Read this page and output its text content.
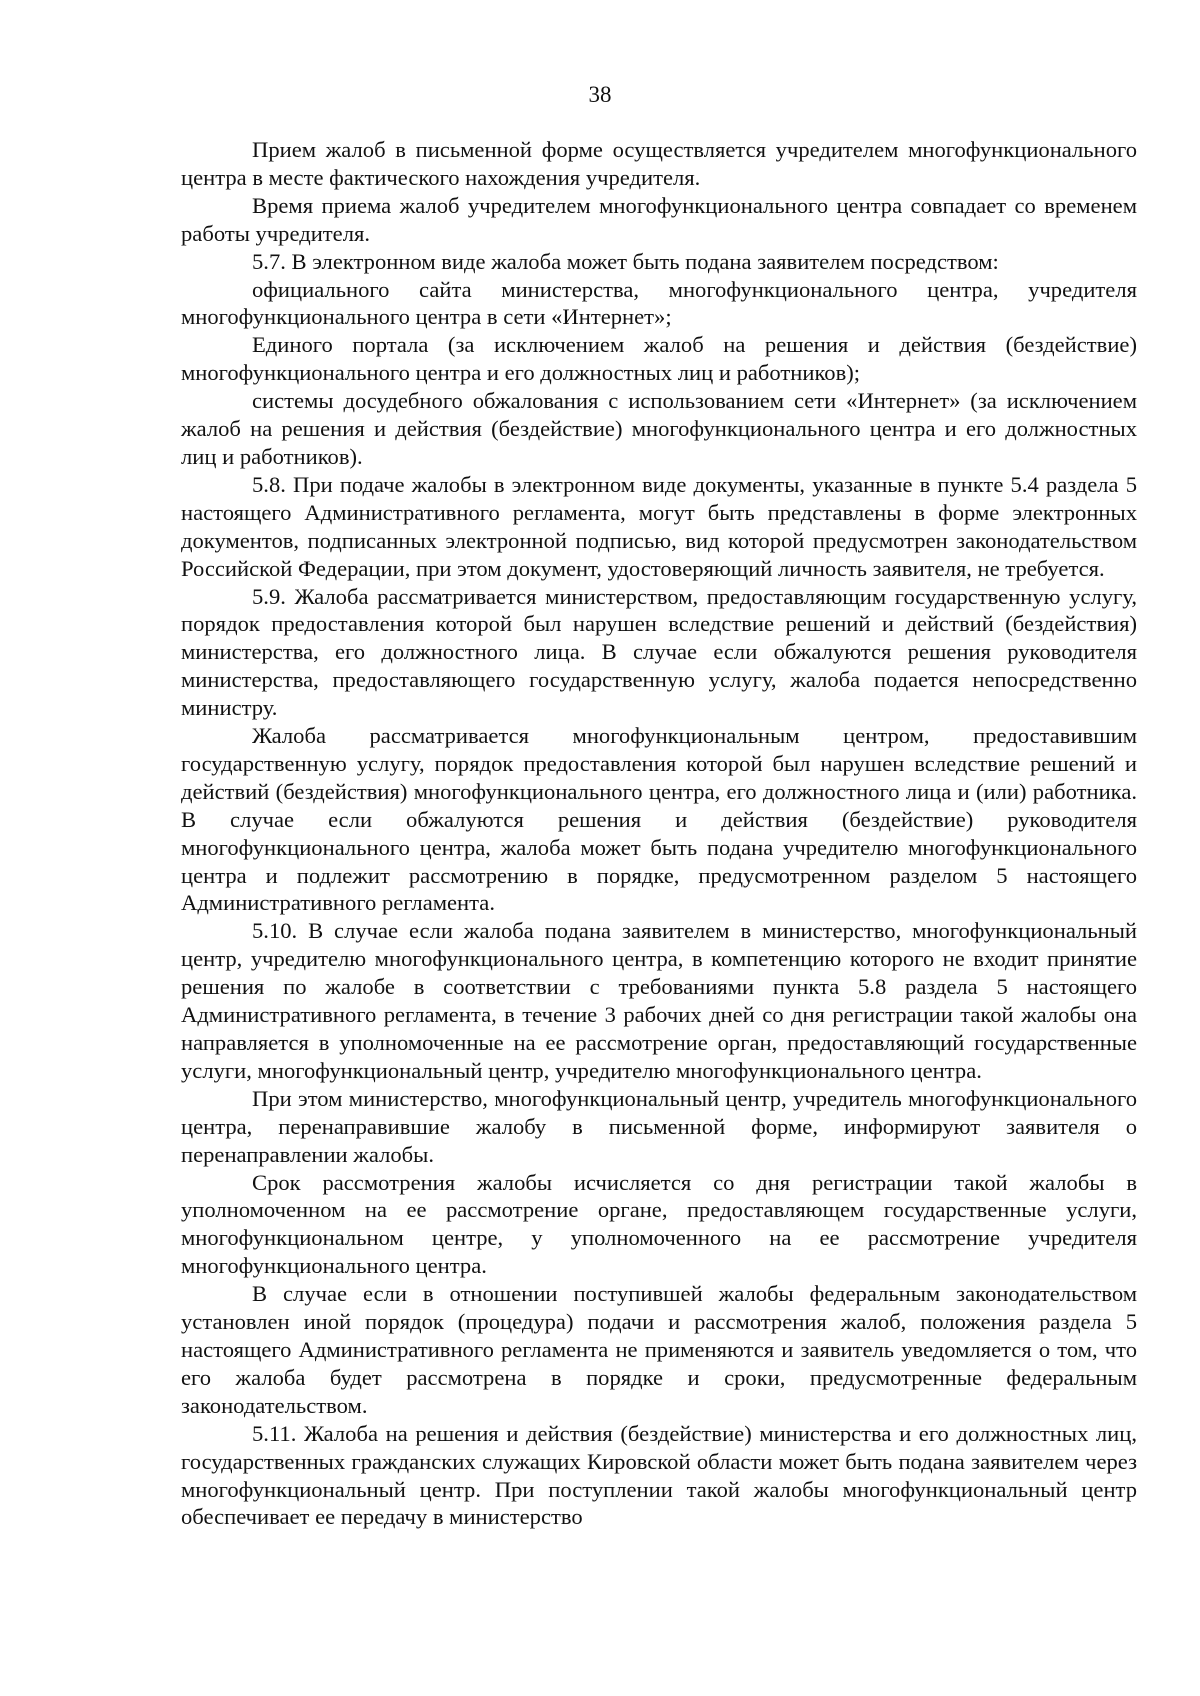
38

Прием жалоб в письменной форме осуществляется учредителем многофункционального центра в месте фактического нахождения учредителя.

Время приема жалоб учредителем многофункционального центра совпадает со временем работы учредителя.

5.7. В электронном виде жалоба может быть подана заявителем посредством:

официального сайта министерства, многофункционального центра, учредителя многофункционального центра в сети «Интернет»;

Единого портала (за исключением жалоб на решения и действия (бездействие) многофункционального центра и его должностных лиц и работников);

системы досудебного обжалования с использованием сети «Интернет» (за исключением жалоб на решения и действия (бездействие) многофункционального центра и его должностных лиц и работников).

5.8. При подаче жалобы в электронном виде документы, указанные в пункте 5.4 раздела 5 настоящего Административного регламента, могут быть представлены в форме электронных документов, подписанных электронной подписью, вид которой предусмотрен законодательством Российской Федерации, при этом документ, удостоверяющий личность заявителя, не требуется.

5.9. Жалоба рассматривается министерством, предоставляющим государственную услугу, порядок предоставления которой был нарушен вследствие решений и действий (бездействия) министерства, его должностного лица. В случае если обжалуются решения руководителя министерства, предоставляющего государственную услугу, жалоба подается непосредственно министру.

Жалоба рассматривается многофункциональным центром, предоставившим государственную услугу, порядок предоставления которой был нарушен вследствие решений и действий (бездействия) многофункционального центра, его должностного лица и (или) работника. В случае если обжалуются решения и действия (бездействие) руководителя многофункционального центра, жалоба может быть подана учредителю многофункционального центра и подлежит рассмотрению в порядке, предусмотренном разделом 5 настоящего Административного регламента.

5.10. В случае если жалоба подана заявителем в министерство, многофункциональный центр, учредителю многофункционального центра, в компетенцию которого не входит принятие решения по жалобе в соответствии с требованиями пункта 5.8 раздела 5 настоящего Административного регламента, в течение 3 рабочих дней со дня регистрации такой жалобы она направляется в уполномоченные на ее рассмотрение орган, предоставляющий государственные услуги, многофункциональный центр, учредителю многофункционального центра.

При этом министерство, многофункциональный центр, учредитель многофункционального центра, перенаправившие жалобу в письменной форме, информируют заявителя о перенаправлении жалобы.

Срок рассмотрения жалобы исчисляется со дня регистрации такой жалобы в уполномоченном на ее рассмотрение органе, предоставляющем государственные услуги, многофункциональном центре, у уполномоченного на ее рассмотрение учредителя многофункционального центра.

В случае если в отношении поступившей жалобы федеральным законодательством установлен иной порядок (процедура) подачи и рассмотрения жалоб, положения раздела 5 настоящего Административного регламента не применяются и заявитель уведомляется о том, что его жалоба будет рассмотрена в порядке и сроки, предусмотренные федеральным законодательством.

5.11. Жалоба на решения и действия (бездействие) министерства и его должностных лиц, государственных гражданских служащих Кировской области может быть подана заявителем через многофункциональный центр. При поступлении такой жалобы многофункциональный центр обеспечивает ее передачу в министерство
